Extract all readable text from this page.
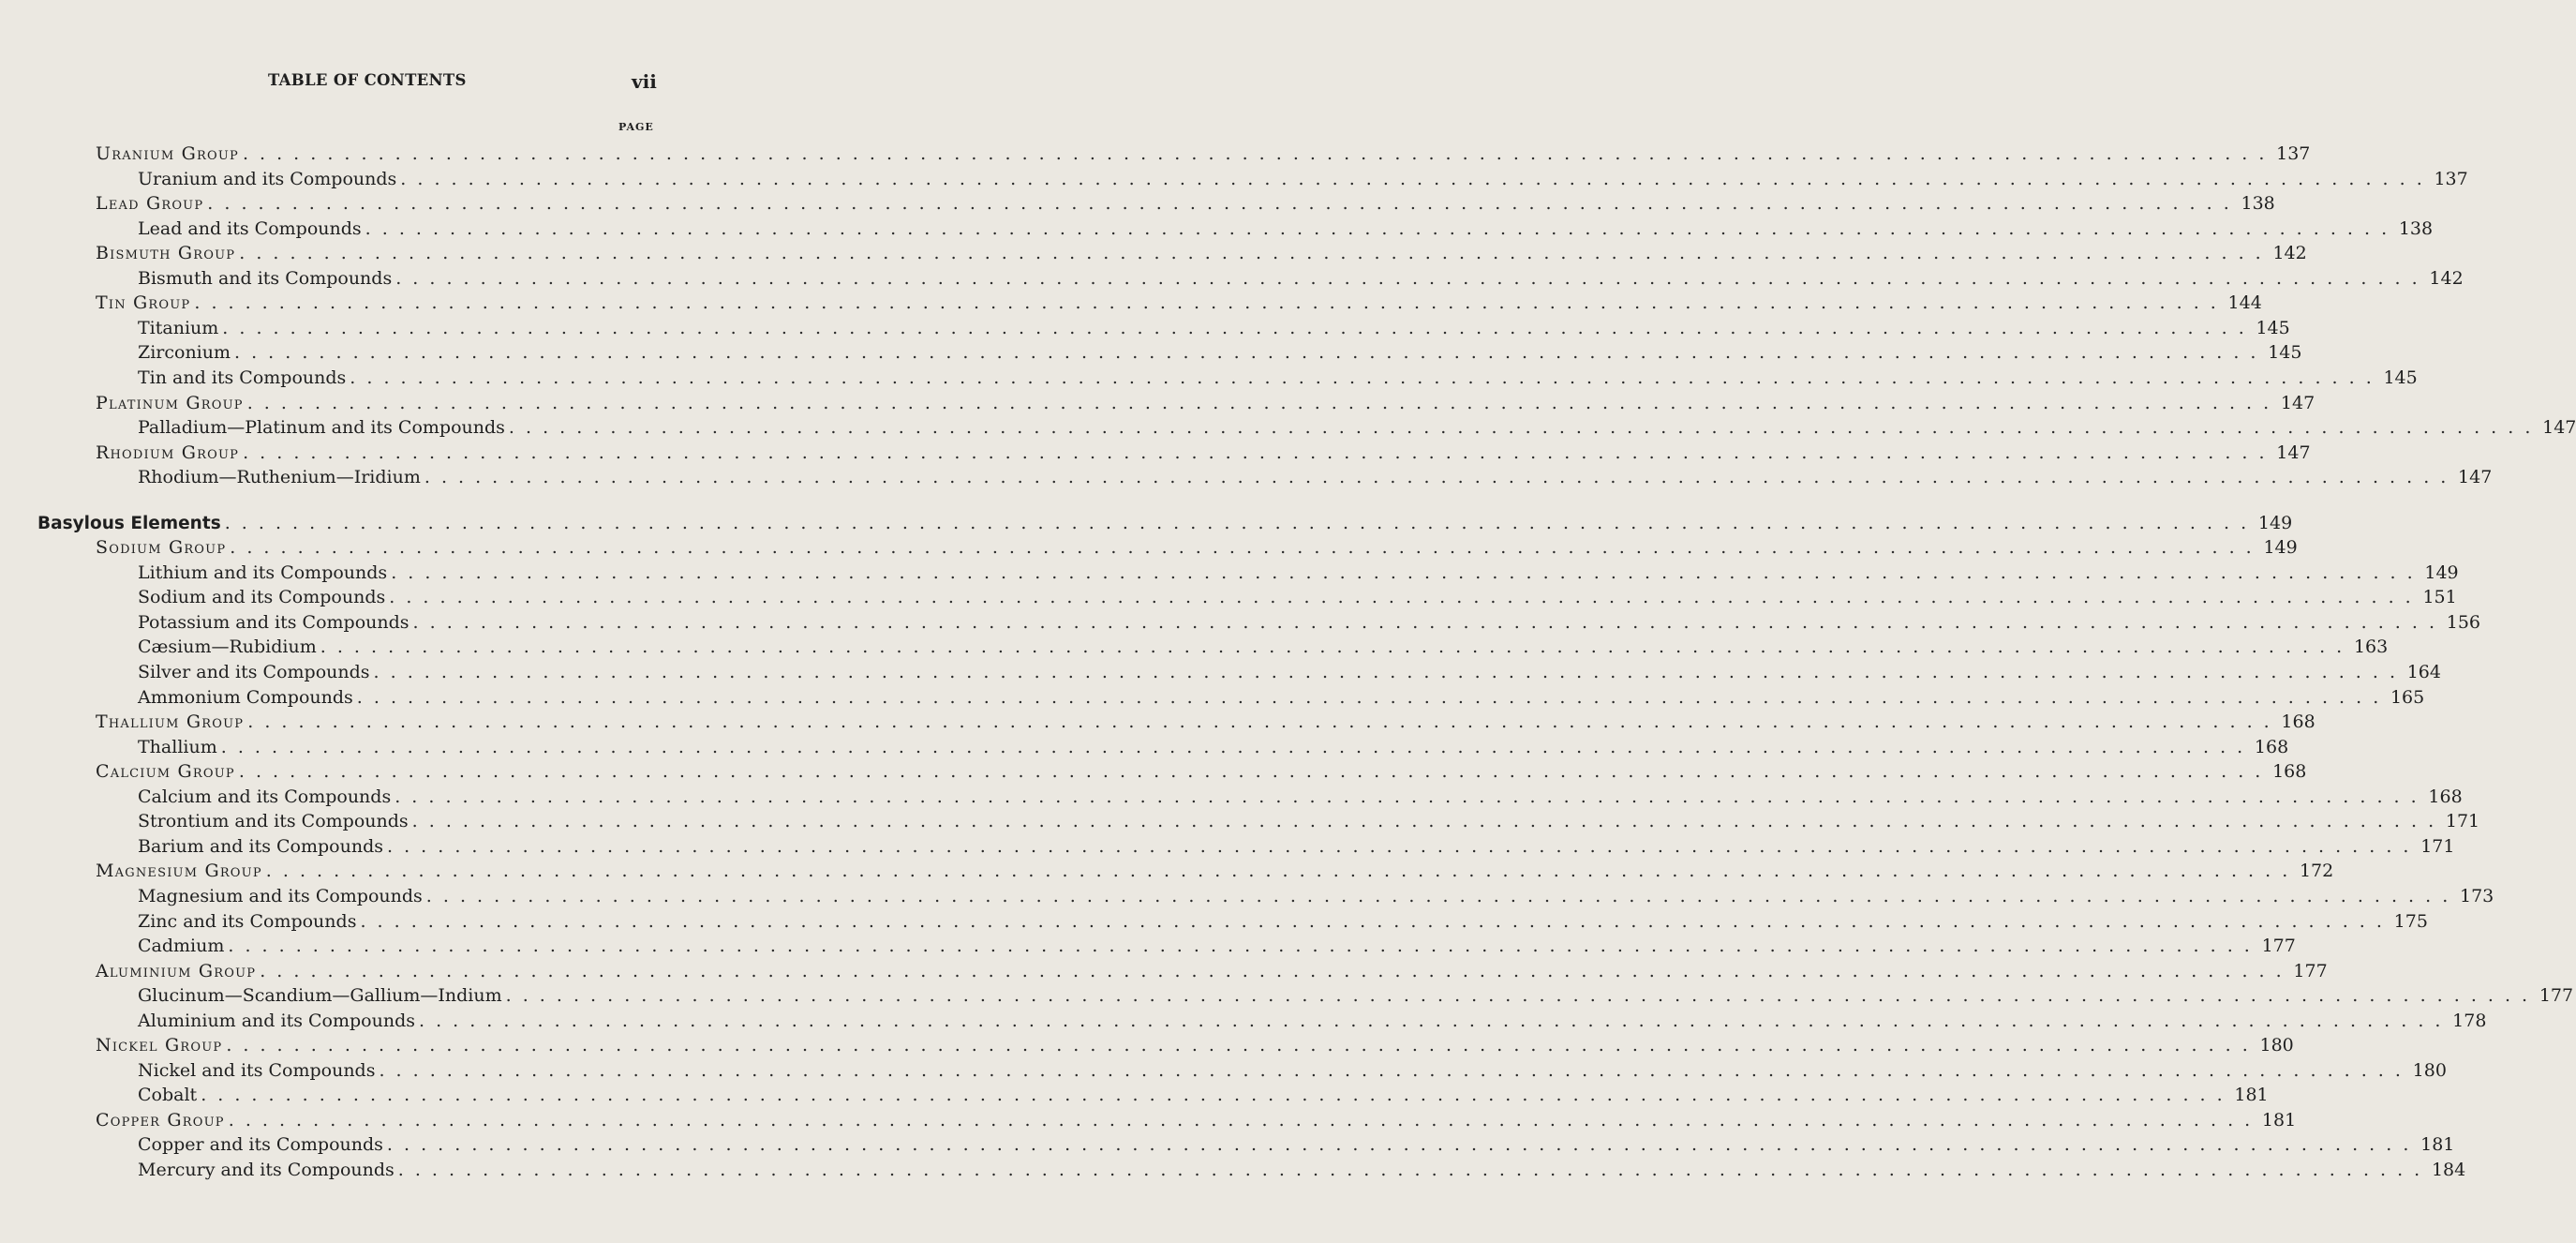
TABLE OF CONTENTS	vii
PAGE
Uranium Group . . . . . . . . . . . . . . . . . . . . . . . . . . . . . . . . . . . . . . . . . . . . . . . . . . . . . . . . . . . . . . . . . . . . . . . . . . . . . . . . . . . . . . . . . . . . . . . . . . . . . . . . . . . . . . . . . . . . . . . . 137
Uranium and its Compounds . . . . . . . . . . . . . . . . . . . . . . . . . . . . . . . . . . . . . . . . . . . . . . . . . . . . . . . . . . . . . . . . . . . . . . . . . . . . . . . . . . . . . . . . . . . . . . . . . . . . . . . . . . . . . . . . . . . . . . . . 137
Lead Group . . . . . . . . . . . . . . . . . . . . . . . . . . . . . . . . . . . . . . . . . . . . . . . . . . . . . . . . . . . . . . . . . . . . . . . . . . . . . . . . . . . . . . . . . . . . . . . . . . . . . . . . . . . . . . . . . . . . . . . . 138
Lead and its Compounds . . . . . . . . . . . . . . . . . . . . . . . . . . . . . . . . . . . . . . . . . . . . . . . . . . . . . . . . . . . . . . . . . . . . . . . . . . . . . . . . . . . . . . . . . . . . . . . . . . . . . . . . . . . . . . . . . . . . . . . . 138
Bismuth Group . . . . . . . . . . . . . . . . . . . . . . . . . . . . . . . . . . . . . . . . . . . . . . . . . . . . . . . . . . . . . . . . . . . . . . . . . . . . . . . . . . . . . . . . . . . . . . . . . . . . . . . . . . . . . . . . . . . . . . . . 142
Bismuth and its Compounds . . . . . . . . . . . . . . . . . . . . . . . . . . . . . . . . . . . . . . . . . . . . . . . . . . . . . . . . . . . . . . . . . . . . . . . . . . . . . . . . . . . . . . . . . . . . . . . . . . . . . . . . . . . . . . . . . . . . . . . . 142
Tin Group . . . . . . . . . . . . . . . . . . . . . . . . . . . . . . . . . . . . . . . . . . . . . . . . . . . . . . . . . . . . . . . . . . . . . . . . . . . . . . . . . . . . . . . . . . . . . . . . . . . . . . . . . . . . . . . . . . . . . . . . 144
Titanium . . . . . . . . . . . . . . . . . . . . . . . . . . . . . . . . . . . . . . . . . . . . . . . . . . . . . . . . . . . . . . . . . . . . . . . . . . . . . . . . . . . . . . . . . . . . . . . . . . . . . . . . . . . . . . . . . . . . . . . . 145
Zirconium . . . . . . . . . . . . . . . . . . . . . . . . . . . . . . . . . . . . . . . . . . . . . . . . . . . . . . . . . . . . . . . . . . . . . . . . . . . . . . . . . . . . . . . . . . . . . . . . . . . . . . . . . . . . . . . . . . . . . . . . 145
Tin and its Compounds . . . . . . . . . . . . . . . . . . . . . . . . . . . . . . . . . . . . . . . . . . . . . . . . . . . . . . . . . . . . . . . . . . . . . . . . . . . . . . . . . . . . . . . . . . . . . . . . . . . . . . . . . . . . . . . . . . . . . . . . 145
Platinum Group . . . . . . . . . . . . . . . . . . . . . . . . . . . . . . . . . . . . . . . . . . . . . . . . . . . . . . . . . . . . . . . . . . . . . . . . . . . . . . . . . . . . . . . . . . . . . . . . . . . . . . . . . . . . . . . . . . . . . . . . 147
Palladium—Platinum and its Compounds . . . . . . . . . . . . . . . . . . . . . . . . . . . . . . . . . . . . . . . . . . . . . . . . . . . . . . . . . . . . . . . . . . . . . . . . . . . . . . . . . . . . . . . . . . . . . . . . . . . . . . . . . . . . . . . . . . . . . . . . 147
Rhodium Group . . . . . . . . . . . . . . . . . . . . . . . . . . . . . . . . . . . . . . . . . . . . . . . . . . . . . . . . . . . . . . . . . . . . . . . . . . . . . . . . . . . . . . . . . . . . . . . . . . . . . . . . . . . . . . . . . . . . . . . . 147
Rhodium—Ruthenium—Iridium . . . . . . . . . . . . . . . . . . . . . . . . . . . . . . . . . . . . . . . . . . . . . . . . . . . . . . . . . . . . . . . . . . . . . . . . . . . . . . . . . . . . . . . . . . . . . . . . . . . . . . . . . . . . . . . . . . . . . . . . 147
Basylous Elements . . . . . . . . . . . . . . . . . . . . . . . . . . . . . . . . . . . . . . . . . . . . . . . . . . . . . . . . . . . . . . . . . . . . . . . . . . . . . . . . . . . . . . . . . . . . . . . . . . . . . . . . . . . . . . . . . . . . . . . . 149
Sodium Group . . . . . . . . . . . . . . . . . . . . . . . . . . . . . . . . . . . . . . . . . . . . . . . . . . . . . . . . . . . . . . . . . . . . . . . . . . . . . . . . . . . . . . . . . . . . . . . . . . . . . . . . . . . . . . . . . . . . . . . . 149
Lithium and its Compounds . . . . . . . . . . . . . . . . . . . . . . . . . . . . . . . . . . . . . . . . . . . . . . . . . . . . . . . . . . . . . . . . . . . . . . . . . . . . . . . . . . . . . . . . . . . . . . . . . . . . . . . . . . . . . . . . . . . . . . . . 149
Sodium and its Compounds . . . . . . . . . . . . . . . . . . . . . . . . . . . . . . . . . . . . . . . . . . . . . . . . . . . . . . . . . . . . . . . . . . . . . . . . . . . . . . . . . . . . . . . . . . . . . . . . . . . . . . . . . . . . . . . . . . . . . . . . 151
Potassium and its Compounds . . . . . . . . . . . . . . . . . . . . . . . . . . . . . . . . . . . . . . . . . . . . . . . . . . . . . . . . . . . . . . . . . . . . . . . . . . . . . . . . . . . . . . . . . . . . . . . . . . . . . . . . . . . . . . . . . . . . . . . . 156
Cæsium—Rubidium . . . . . . . . . . . . . . . . . . . . . . . . . . . . . . . . . . . . . . . . . . . . . . . . . . . . . . . . . . . . . . . . . . . . . . . . . . . . . . . . . . . . . . . . . . . . . . . . . . . . . . . . . . . . . . . . . . . . . . . . 163
Silver and its Compounds . . . . . . . . . . . . . . . . . . . . . . . . . . . . . . . . . . . . . . . . . . . . . . . . . . . . . . . . . . . . . . . . . . . . . . . . . . . . . . . . . . . . . . . . . . . . . . . . . . . . . . . . . . . . . . . . . . . . . . . . 164
Ammonium Compounds . . . . . . . . . . . . . . . . . . . . . . . . . . . . . . . . . . . . . . . . . . . . . . . . . . . . . . . . . . . . . . . . . . . . . . . . . . . . . . . . . . . . . . . . . . . . . . . . . . . . . . . . . . . . . . . . . . . . . . . . 165
Thallium Group . . . . . . . . . . . . . . . . . . . . . . . . . . . . . . . . . . . . . . . . . . . . . . . . . . . . . . . . . . . . . . . . . . . . . . . . . . . . . . . . . . . . . . . . . . . . . . . . . . . . . . . . . . . . . . . . . . . . . . . . 168
Thallium . . . . . . . . . . . . . . . . . . . . . . . . . . . . . . . . . . . . . . . . . . . . . . . . . . . . . . . . . . . . . . . . . . . . . . . . . . . . . . . . . . . . . . . . . . . . . . . . . . . . . . . . . . . . . . . . . . . . . . . . 168
Calcium Group . . . . . . . . . . . . . . . . . . . . . . . . . . . . . . . . . . . . . . . . . . . . . . . . . . . . . . . . . . . . . . . . . . . . . . . . . . . . . . . . . . . . . . . . . . . . . . . . . . . . . . . . . . . . . . . . . . . . . . . . 168
Calcium and its Compounds . . . . . . . . . . . . . . . . . . . . . . . . . . . . . . . . . . . . . . . . . . . . . . . . . . . . . . . . . . . . . . . . . . . . . . . . . . . . . . . . . . . . . . . . . . . . . . . . . . . . . . . . . . . . . . . . . . . . . . . . 168
Strontium and its Compounds . . . . . . . . . . . . . . . . . . . . . . . . . . . . . . . . . . . . . . . . . . . . . . . . . . . . . . . . . . . . . . . . . . . . . . . . . . . . . . . . . . . . . . . . . . . . . . . . . . . . . . . . . . . . . . . . . . . . . . . . 171
Barium and its Compounds . . . . . . . . . . . . . . . . . . . . . . . . . . . . . . . . . . . . . . . . . . . . . . . . . . . . . . . . . . . . . . . . . . . . . . . . . . . . . . . . . . . . . . . . . . . . . . . . . . . . . . . . . . . . . . . . . . . . . . . . 171
Magnesium Group . . . . . . . . . . . . . . . . . . . . . . . . . . . . . . . . . . . . . . . . . . . . . . . . . . . . . . . . . . . . . . . . . . . . . . . . . . . . . . . . . . . . . . . . . . . . . . . . . . . . . . . . . . . . . . . . . . . . . . . . 172
Magnesium and its Compounds . . . . . . . . . . . . . . . . . . . . . . . . . . . . . . . . . . . . . . . . . . . . . . . . . . . . . . . . . . . . . . . . . . . . . . . . . . . . . . . . . . . . . . . . . . . . . . . . . . . . . . . . . . . . . . . . . . . . . . . . 173
Zinc and its Compounds . . . . . . . . . . . . . . . . . . . . . . . . . . . . . . . . . . . . . . . . . . . . . . . . . . . . . . . . . . . . . . . . . . . . . . . . . . . . . . . . . . . . . . . . . . . . . . . . . . . . . . . . . . . . . . . . . . . . . . . . 175
Cadmium . . . . . . . . . . . . . . . . . . . . . . . . . . . . . . . . . . . . . . . . . . . . . . . . . . . . . . . . . . . . . . . . . . . . . . . . . . . . . . . . . . . . . . . . . . . . . . . . . . . . . . . . . . . . . . . . . . . . . . . . 177
Aluminium Group . . . . . . . . . . . . . . . . . . . . . . . . . . . . . . . . . . . . . . . . . . . . . . . . . . . . . . . . . . . . . . . . . . . . . . . . . . . . . . . . . . . . . . . . . . . . . . . . . . . . . . . . . . . . . . . . . . . . . . . . 177
Glucinum—Scandium—Gallium—Indium . . . . . . . . . . . . . . . . . . . . . . . . . . . . . . . . . . . . . . . . . . . . . . . . . . . . . . . . . . . . . . . . . . . . . . . . . . . . . . . . . . . . . . . . . . . . . . . . . . . . . . . . . . . . . . . . . . . . . . . . 177
Aluminium and its Compounds . . . . . . . . . . . . . . . . . . . . . . . . . . . . . . . . . . . . . . . . . . . . . . . . . . . . . . . . . . . . . . . . . . . . . . . . . . . . . . . . . . . . . . . . . . . . . . . . . . . . . . . . . . . . . . . . . . . . . . . . 178
Nickel Group . . . . . . . . . . . . . . . . . . . . . . . . . . . . . . . . . . . . . . . . . . . . . . . . . . . . . . . . . . . . . . . . . . . . . . . . . . . . . . . . . . . . . . . . . . . . . . . . . . . . . . . . . . . . . . . . . . . . . . . . 180
Nickel and its Compounds . . . . . . . . . . . . . . . . . . . . . . . . . . . . . . . . . . . . . . . . . . . . . . . . . . . . . . . . . . . . . . . . . . . . . . . . . . . . . . . . . . . . . . . . . . . . . . . . . . . . . . . . . . . . . . . . . . . . . . . . 180
Cobalt . . . . . . . . . . . . . . . . . . . . . . . . . . . . . . . . . . . . . . . . . . . . . . . . . . . . . . . . . . . . . . . . . . . . . . . . . . . . . . . . . . . . . . . . . . . . . . . . . . . . . . . . . . . . . . . . . . . . . . . . 181
Copper Group . . . . . . . . . . . . . . . . . . . . . . . . . . . . . . . . . . . . . . . . . . . . . . . . . . . . . . . . . . . . . . . . . . . . . . . . . . . . . . . . . . . . . . . . . . . . . . . . . . . . . . . . . . . . . . . . . . . . . . . . 181
Copper and its Compounds . . . . . . . . . . . . . . . . . . . . . . . . . . . . . . . . . . . . . . . . . . . . . . . . . . . . . . . . . . . . . . . . . . . . . . . . . . . . . . . . . . . . . . . . . . . . . . . . . . . . . . . . . . . . . . . . . . . . . . . . 181
Mercury and its Compounds . . . . . . . . . . . . . . . . . . . . . . . . . . . . . . . . . . . . . . . . . . . . . . . . . . . . . . . . . . . . . . . . . . . . . . . . . . . . . . . . . . . . . . . . . . . . . . . . . . . . . . . . . . . . . . . . . . . . . . . . 184
